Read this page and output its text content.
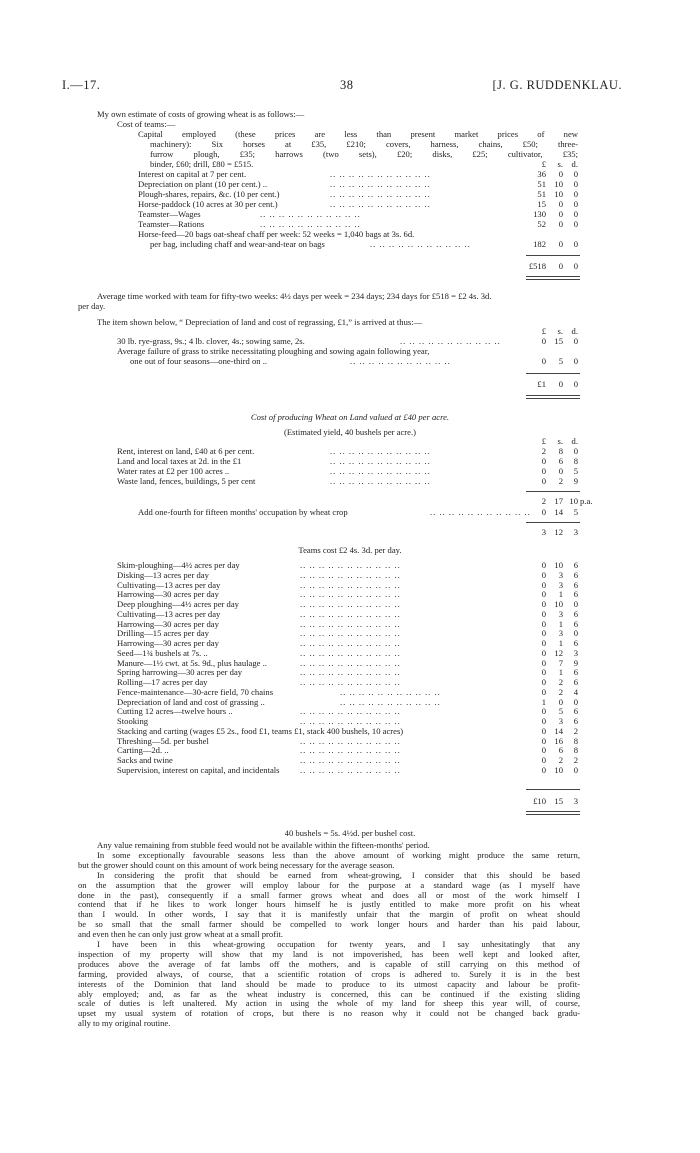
I.—17.	38	[J. G. RUDDENKLAU.
My own estimate of costs of growing wheat is as follows:—
Cost of teams:—
Capital employed (these prices are less than present market prices of new
machinery): Six horses at £35, £210; covers, harness, chains, £50; three-
furrow plough, £35; harrows (two sets), £20; disks, £25; cultivator, £35;
binder, £60; drill, £80 = £515.	£	s. d.
Interest on capital at 7 per cent.	.. .. .. .. .. .. .. .. .. .. ..	36	0	0
Depreciation on plant (10 per cent.) ..	.. .. .. .. .. .. .. .. .. .. ..	51 10	0
Plough-shares, repairs, &c. (10 per cent.)	.. .. .. .. .. .. .. .. .. .. ..	51 10	0
Horse-paddock (10 acres at 30 per cent.)	.. .. .. .. .. .. .. .. .. .. ..	15	0	0
Teamster—Wages	.. .. .. .. .. .. .. .. .. .. ..	130	0	0
Teamster—Rations	.. .. .. .. .. .. .. .. .. .. ..	52	0	0
Horse-feed—20 bags oat-sheaf chaff per week: 52 weeks = 1,040 bags at 3s. 6d.
per bag, including chaff and wear-and-tear on bags	.. .. .. .. .. .. .. .. .. .. ..	182	0	0
£518	0	0
Average time worked with team for fifty-two weeks: 4½ days per week = 234 days; 234 days for £518 = £2 4s. 3d.
per day.
The item shown below, “ Depreciation of land and cost of regrassing, £1,” is arrived at thus:—
£	s. d.
30 lb. rye-grass, 9s.; 4 lb. clover, 4s.; sowing same, 2s.	.. .. .. .. .. .. .. .. .. .. ..	0 15	0
Average failure of grass to strike necessitating ploughing and sowing again following year,
one out of four seasons—one-third on ..	.. .. .. .. .. .. .. .. .. .. ..	0	5	0
£1	0	0
Cost of producing Wheat on Land valued at £40 per acre.
(Estimated yield, 40 bushels per acre.)
£	s. d.
Rent, interest on land, £40 at 6 per cent.	.. .. .. .. .. .. .. .. .. .. ..	2	8	0
Land and local taxes at 2d. in the £1	.. .. .. .. .. .. .. .. .. .. ..	0	6	8
Water rates at £2 per 100 acres ..	.. .. .. .. .. .. .. .. .. .. ..	0	0	5
Waste land, fences, buildings, 5 per cent	.. .. .. .. .. .. .. .. .. .. ..	0	2	9
2 17 10 p.a.
Add one-fourth for fifteen months' occupation by wheat crop	.. .. .. .. .. .. .. .. .. .. ..	0 14	5
3 12	3
Teams cost £2 4s. 3d. per day.
Skim-ploughing—4½ acres per day	.. .. .. .. .. .. .. .. .. .. ..	0 10	6
Disking—13 acres per day	.. .. .. .. .. .. .. .. .. .. ..	0	3	6
Cultivating—13 acres per day	.. .. .. .. .. .. .. .. .. .. ..	0	3	6
Harrowing—30 acres per day	.. .. .. .. .. .. .. .. .. .. ..	0	1	6
Deep ploughing—4½ acres per day	.. .. .. .. .. .. .. .. .. .. ..	0 10	0
Cultivating—13 acres per day	.. .. .. .. .. .. .. .. .. .. ..	0	3	6
Harrowing—30 acres per day	.. .. .. .. .. .. .. .. .. .. ..	0	1	6
Drilling—15 acres per day	.. .. .. .. .. .. .. .. .. .. ..	0	3	0
Harrowing—30 acres per day	.. .. .. .. .. .. .. .. .. .. ..	0	1	6
Seed—1¾ bushels at 7s. ..	.. .. .. .. .. .. .. .. .. .. ..	0 12	3
Manure—1½ cwt. at 5s. 9d., plus haulage ..	.. .. .. .. .. .. .. .. .. .. ..	0	7	9
Spring harrowing—30 acres per day	.. .. .. .. .. .. .. .. .. .. ..	0	1	6
Rolling—17 acres per day	.. .. .. .. .. .. .. .. .. .. ..	0	2	6
Fence-maintenance—30-acre field, 70 chains	.. .. .. .. .. .. .. .. .. .. ..	0	2	4
Depreciation of land and cost of grassing ..	.. .. .. .. .. .. .. .. .. .. ..	1	0	0
Cutting 12 acres—twelve hours ..	.. .. .. .. .. .. .. .. .. .. ..	0	5	6
Stooking	.. .. .. .. .. .. .. .. .. .. ..	0	3	6
Stacking and carting (wages £5 2s., food £1, teams £1, stack 400 bushels, 10 acres)	0 14	2
Threshing—5d. per bushel	.. .. .. .. .. .. .. .. .. .. ..	0 16	8
Carting—2d. ..	.. .. .. .. .. .. .. .. .. .. ..	0	6	8
Sacks and twine	.. .. .. .. .. .. .. .. .. .. ..	0	2	2
Supervision, interest on capital, and incidentals .. .. .. .. .. .. .. .. .. .. ..	0 10	0
£10 15	3
40 bushels = 5s. 4½d. per bushel cost.
Any value remaining from stubble feed would not be available within the fifteen-months' period.
In some exceptionally favourable seasons less than the above amount of working might produce the same return,
but the grower should count on this amount of work being necessary for the average season.
In considering the profit that should be earned from wheat-growing, I consider that this should be based
on the assumption that the grower will employ labour for the purpose at a standard wage (as I myself have
done in the past), consequently if a small farmer grows wheat and does all or most of the work himself I
contend that if he likes to work longer hours himself he is justly entitled to make more profit on his wheat
than I would. In other words, I say that it is manifestly unfair that the margin of profit on wheat should
be so small that the small farmer should be compelled to work longer hours and harder than his paid labour,
and even then he can only just grow wheat at a small profit.
I have been in this wheat-growing occupation for twenty years, and I say unhesitatingly that any
inspection of my property will show that my land is not impoverished, has been well kept and looked after,
produces above the average of fat lambs off the mothers, and is capable of still carrying on this method of
farming, provided always, of course, that a scientific rotation of crops is adhered to. Surely it is in the best
interests of the Dominion that land should be made to produce to its utmost capacity and labour be profit-
ably employed; and, as far as the wheat industry is concerned, this can be continued if the existing sliding
scale of duties is left unaltered. My action in using the whole of my land for sheep this year will, of course,
upset my usual system of rotation of crops, but there is no reason why it could not be changed back gradu-
ally to my original routine.
